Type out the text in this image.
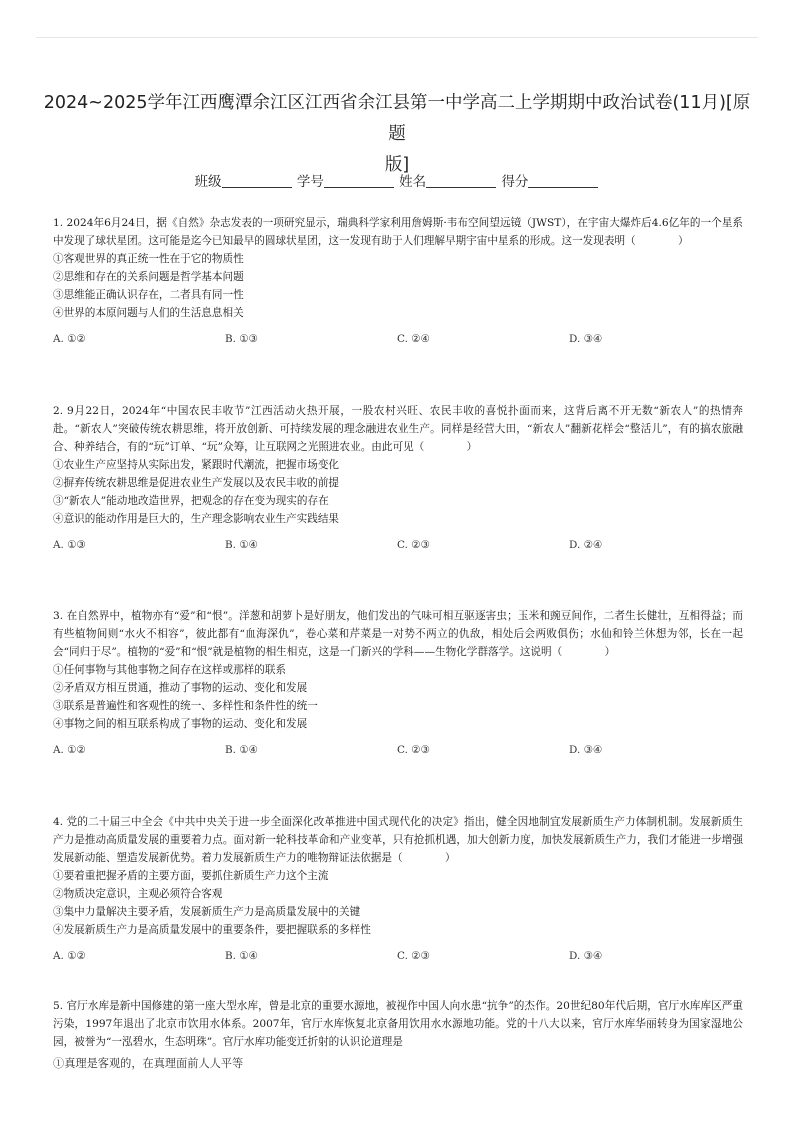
2024~2025学年江西鹰潭余江区江西省余江县第一中学高二上学期期中政治试卷(11月)[原题
版]
班级	学号	姓名	得分

1. 2024年6月24日，据《自然》杂志发表的一项研究显示，瑞典科学家利用詹姆斯·韦布空间望远镜（JWST），在宇宙大爆炸后4.6亿年的一个星系中发现了球状星团。这可能是迄今已知最早的圆球状星团，这一发现有助于人们理解早期宇宙中星系的形成。这一发现表明（　　　　）

①客观世界的真正统一性在于它的物质性
②思维和存在的关系问题是哲学基本问题
③思维能正确认识存在，二者具有同一性
④世界的本原问题与人们的生活息息相关
A. ①②	B. ①③	C. ②④	D. ③④

2. 9月22日，2024年“中国农民丰收节”江西活动火热开展，一股农村兴旺、农民丰收的喜悦扑面而来，这背后离不开无数“新农人”的热情奔赴。“新农人”突破传统农耕思维，将开放创新、可持续发展的理念融进农业生产。同样是经营大田，“新农人”翻新花样会“整活儿”，有的搞农旅融合、种养结合，有的“玩”订单、“玩”众筹，让互联网之光照进农业。由此可见（　　　　）

①农业生产应坚持从实际出发，紧跟时代潮流，把握市场变化
②摒弃传统农耕思维是促进农业生产发展以及农民丰收的前提
③“新农人”能动地改造世界，把观念的存在变为现实的存在
④意识的能动作用是巨大的，生产理念影响农业生产实践结果
A. ①③	B. ①④	C. ②③	D. ②④

3. 在自然界中，植物亦有“爱”和“恨”。洋葱和胡萝卜是好朋友，他们发出的气味可相互驱逐害虫；玉米和豌豆间作，二者生长健壮，互相得益；而有些植物间则“水火不相容”，彼此都有“血海深仇”，卷心菜和芹菜是一对势不两立的仇敌，相处后会两败俱伤；水仙和铃兰休想为邻，长在一起会“同归于尽”。植物的“爱”和“恨”就是植物的相生相克，这是一门新兴的学科——生物化学群落学。这说明（　　　　）

①任何事物与其他事物之间存在这样或那样的联系
②矛盾双方相互贯通，推动了事物的运动、变化和发展
③联系是普遍性和客观性的统一、多样性和条件性的统一
④事物之间的相互联系构成了事物的运动、变化和发展
A. ①②	B. ①④	C. ②③	D. ③④

4. 党的二十届三中全会《中共中央关于进一步全面深化改革推进中国式现代化的决定》指出，健全因地制宜发展新质生产力体制机制。发展新质生产力是推动高质量发展的重要着力点。面对新一轮科技革命和产业变革，只有抢抓机遇，加大创新力度，加快发展新质生产力，我们才能进一步增强发展新动能、塑造发展新优势。着力发展新质生产力的唯物辩证法依据是（　　　　）

①要着重把握矛盾的主要方面，要抓住新质生产力这个主流
②物质决定意识，主观必须符合客观
③集中力量解决主要矛盾，发展新质生产力是高质量发展中的关键
④发展新质生产力是高质量发展中的重要条件，要把握联系的多样性
A. ①②	B. ①④	C. ②③	D. ③④

5. 官厅水库是新中国修建的第一座大型水库，曾是北京的重要水源地，被视作中国人向水患“抗争”的杰作。20世纪80年代后期，官厅水库库区严重污染，1997年退出了北京市饮用水体系。2007年，官厅水库恢复北京备用饮用水水源地功能。党的十八大以来，官厅水库华丽转身为国家湿地公园，被誉为“一泓碧水，生态明珠”。官厅水库功能变迁折射的认识论道理是

①真理是客观的，在真理面前人人平等
